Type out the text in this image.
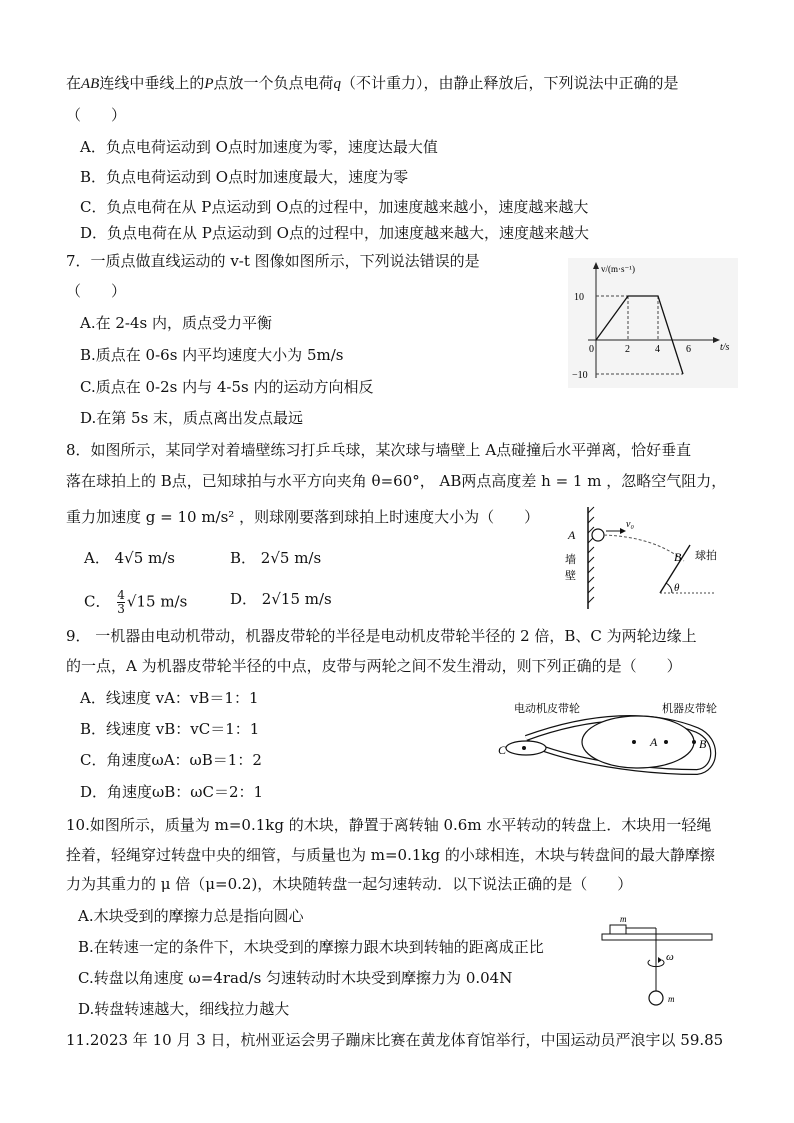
在AB连线中垂线上的P点放一个负点电荷q（不计重力），由静止释放后，下列说法中正确的是
（　　）
A．负点电荷运动到 O点时加速度为零，速度达最大值
B．负点电荷运动到 O点时加速度最大，速度为零
C．负点电荷在从 P点运动到 O点的过程中，加速度越来越小，速度越来越大
D．负点电荷在从 P点运动到 O点的过程中，加速度越来越大，速度越来越大
7．一质点做直线运动的 v-t 图像如图所示，下列说法错误的是
（　　）
A.在 2-4s 内，质点受力平衡
B.质点在 0-6s 内平均速度大小为 5m/s
C.质点在 0-2s 内与 4-5s 内的运动方向相反
D.在第 5s 末，质点离出发点最远
v/(m·s⁻¹)
t/s
0
10
−10
2	4	6
8．如图所示，某同学对着墙壁练习打乒乓球，某次球与墙壁上 A点碰撞后水平弹离，恰好垂直
落在球拍上的 B点，已知球拍与水平方向夹角 θ=60°， AB两点高度差 h = 1 m ，忽略空气阻力，
重力加速度 g = 10 m/s² ，则球刚要落到球拍上时速度大小为（　　）
A． 4√5 m/s	B． 2√5 m/s
C． $\frac{4}{3} √15$ m/s	D． 2√15 m/s
A
v₀
B
墙
壁
球拍
θ
9． 一机器由电动机带动，机器皮带轮的半径是电动机皮带轮半径的 2 倍，B、C 为两轮边缘上
的一点，A 为机器皮带轮半径的中点，皮带与两轮之间不发生滑动，则下列正确的是（　　）
A．线速度 vA：vB＝1：1
B．线速度 vB：vC＝1：1
C．角速度ωA：ωB＝1：2
D．角速度ωB：ωC＝2：1
电动机皮带轮	机器皮带轮
C
A	B
10.如图所示，质量为 m=0.1kg 的木块，静置于离转轴 0.6m 水平转动的转盘上．木块用一轻绳
拴着，轻绳穿过转盘中央的细管，与质量也为 m=0.1kg 的小球相连，木块与转盘间的最大静摩擦
力为其重力的 μ 倍（μ=0.2)，木块随转盘一起匀速转动．以下说法正确的是（　　）
A.木块受到的摩擦力总是指向圆心
B.在转速一定的条件下，木块受到的摩擦力跟木块到转轴的距离成正比
C.转盘以角速度 ω=4rad/s 匀速转动时木块受到摩擦力为 0.04N
D.转盘转速越大，细线拉力越大
m
ω
m
11.2023 年 10 月 3 日，杭州亚运会男子蹦床比赛在黄龙体育馆举行，中国运动员严浪宇以 59.85
